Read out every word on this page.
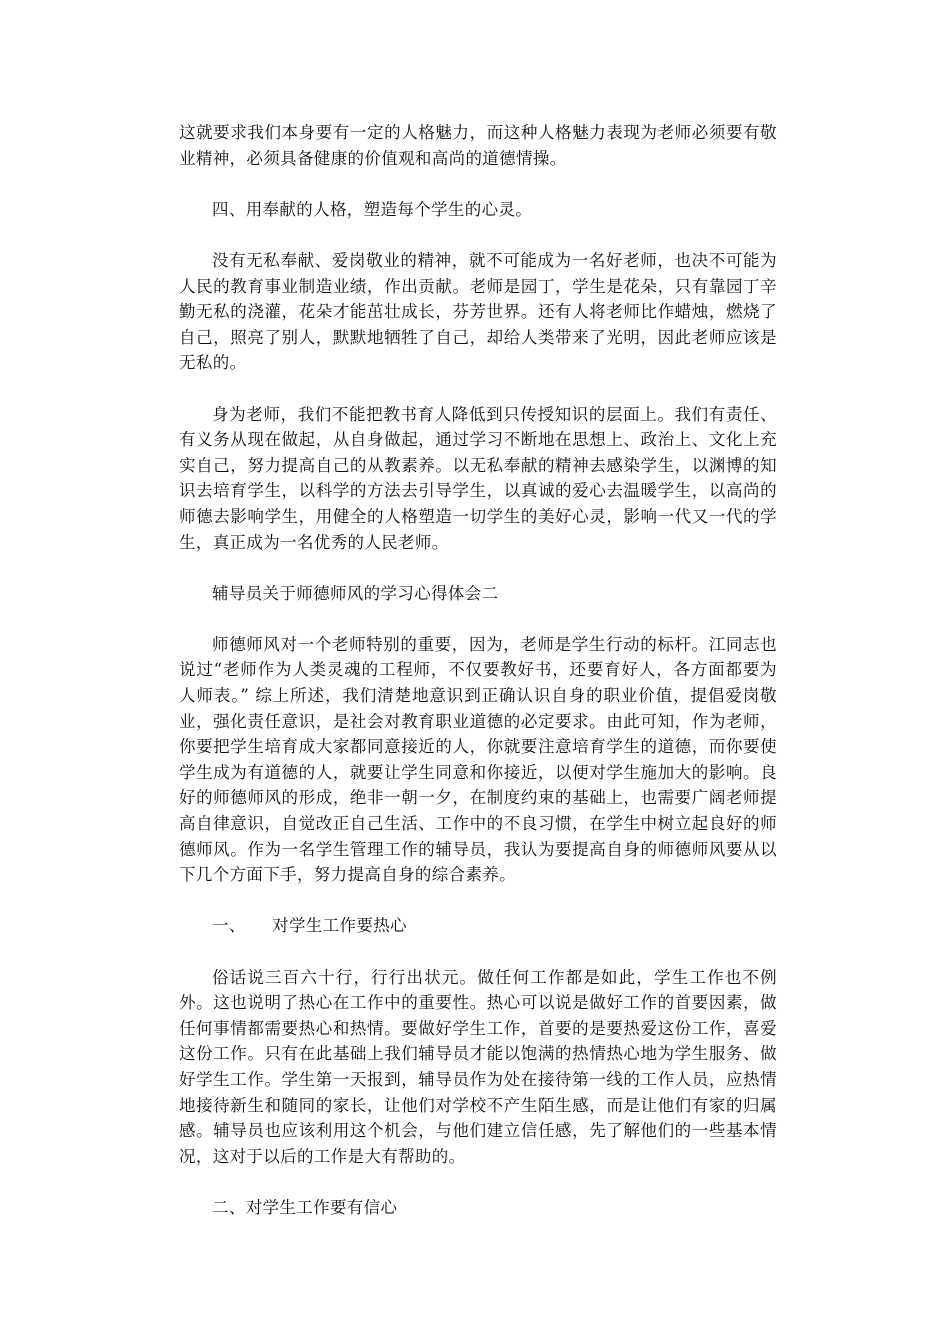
这就要求我们本身要有一定的人格魅力，而这种人格魅力表现为老师必须要有敬业精神，必须具备健康的价值观和高尚的道德情操。

四、用奉献的人格，塑造每个学生的心灵。

没有无私奉献、爱岗敬业的精神，就不可能成为一名好老师，也决不可能为人民的教育事业制造业绩，作出贡献。老师是园丁，学生是花朵，只有靠园丁辛勤无私的浇灌，花朵才能茁壮成长，芬芳世界。还有人将老师比作蜡烛，燃烧了自己，照亮了别人，默默地牺牲了自己，却给人类带来了光明，因此老师应该是无私的。

身为老师，我们不能把教书育人降低到只传授知识的层面上。我们有责任、有义务从现在做起，从自身做起，通过学习不断地在思想上、政治上、文化上充实自己，努力提高自己的从教素养。以无私奉献的精神去感染学生，以渊博的知识去培育学生，以科学的方法去引导学生，以真诚的爱心去温暖学生，以高尚的师德去影响学生，用健全的人格塑造一切学生的美好心灵，影响一代又一代的学生，真正成为一名优秀的人民老师。

辅导员关于师德师风的学习心得体会二

师德师风对一个老师特别的重要，因为，老师是学生行动的标杆。江同志也说过“老师作为人类灵魂的工程师，不仅要教好书，还要育好人，各方面都要为人师表。” 综上所述，我们清楚地意识到正确认识自身的职业价值，提倡爱岗敬业，强化责任意识，是社会对教育职业道德的必定要求。由此可知，作为老师，你要把学生培育成大家都同意接近的人，你就要注意培育学生的道德，而你要使学生成为有道德的人，就要让学生同意和你接近，以便对学生施加大的影响。良好的师德师风的形成，绝非一朝一夕，在制度约束的基础上，也需要广阔老师提高自律意识，自觉改正自己生活、工作中的不良习惯，在学生中树立起良好的师德师风。作为一名学生管理工作的辅导员，我认为要提高自身的师德师风要从以下几个方面下手，努力提高自身的综合素养。

一、 对学生工作要热心

俗话说三百六十行，行行出状元。做任何工作都是如此，学生工作也不例外。这也说明了热心在工作中的重要性。热心可以说是做好工作的首要因素，做任何事情都需要热心和热情。要做好学生工作，首要的是要热爱这份工作，喜爱这份工作。只有在此基础上我们辅导员才能以饱满的热情热心地为学生服务、做好学生工作。学生第一天报到，辅导员作为处在接待第一线的工作人员，应热情地接待新生和随同的家长，让他们对学校不产生陌生感，而是让他们有家的归属感。辅导员也应该利用这个机会，与他们建立信任感，先了解他们的一些基本情况，这对于以后的工作是大有帮助的。

二、对学生工作要有信心
